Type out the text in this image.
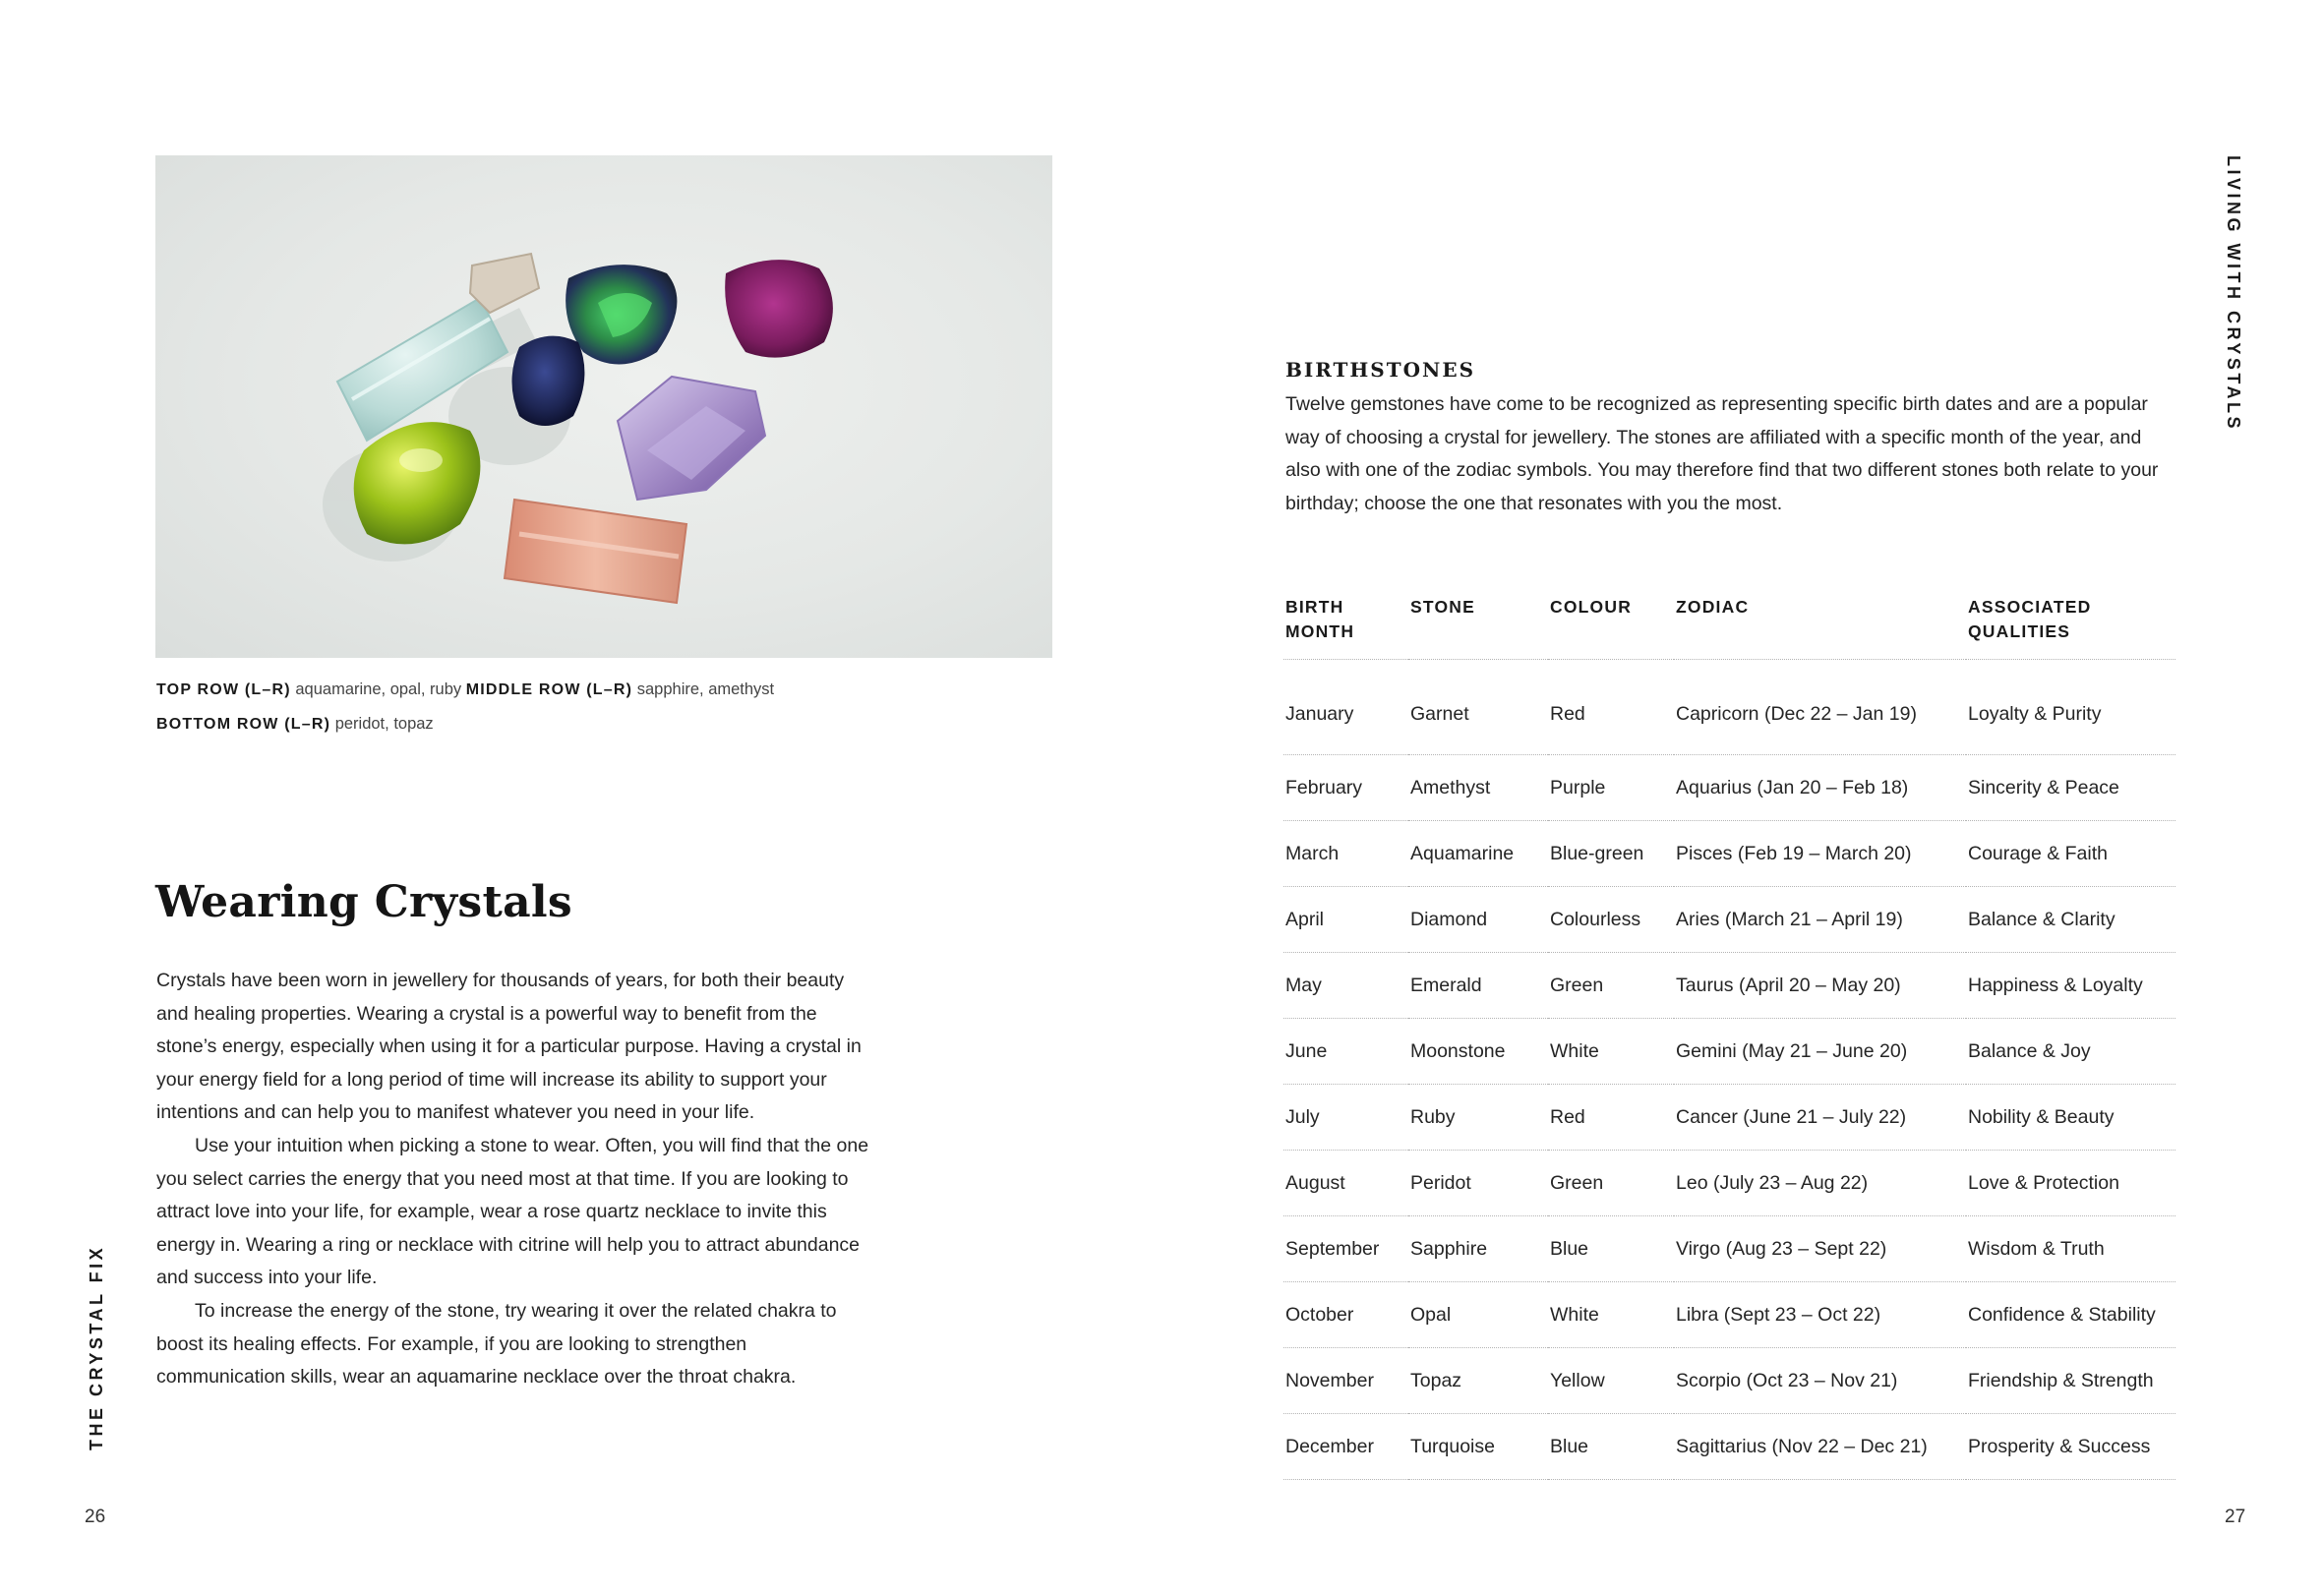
TOP ROW (L–R) aquamarine, opal, ruby MIDDLE ROW (L–R) sapphire, amethyst
BOTTOM ROW (L–R) peridot, topaz
Wearing Crystals

Crystals have been worn in jewellery for thousands of years, for both their beauty and healing properties. Wearing a crystal is a powerful way to benefit from the stone’s energy, especially when using it for a particular purpose. Having a crystal in your energy field for a long period of time will increase its ability to support your intentions and can help you to manifest whatever you need in your life.

Use your intuition when picking a stone to wear. Often, you will find that the one you select carries the energy that you need most at that time. If you are looking to attract love into your life, for example, wear a rose quartz necklace to invite this energy in. Wearing a ring or necklace with citrine will help you to attract abundance and success into your life.

To increase the energy of the stone, try wearing it over the related chakra to boost its healing effects. For example, if you are looking to strengthen communication skills, wear an aquamarine necklace over the throat chakra.

THE CRYSTAL FIX
26
LIVING WITH CRYSTALS
27
BIRTHSTONES
Twelve gemstones have come to be recognized as representing specific birth dates and are a popular way of choosing a crystal for jewellery. The stones are affiliated with a specific month of the year, and also with one of the zodiac symbols. You may therefore find that two different stones both relate to your birthday; choose the one that resonates with you the most.
BIRTH
MONTH	STONE	COLOUR	ZODIAC	ASSOCIATED
QUALITIES
January	Garnet	Red	Capricorn (Dec 22 – Jan 19)	Loyalty & Purity
February	Amethyst	Purple	Aquarius (Jan 20 – Feb 18)	Sincerity & Peace
March	Aquamarine	Blue-green	Pisces (Feb 19 – March 20)	Courage & Faith
April	Diamond	Colourless	Aries (March 21 – April 19)	Balance & Clarity
May	Emerald	Green	Taurus (April 20 – May 20)	Happiness & Loyalty
June	Moonstone	White	Gemini (May 21 – June 20)	Balance & Joy
July	Ruby	Red	Cancer (June 21 – July 22)	Nobility & Beauty
August	Peridot	Green	Leo (July 23 – Aug 22)	Love & Protection
September	Sapphire	Blue	Virgo (Aug 23 – Sept 22)	Wisdom & Truth
October	Opal	White	Libra (Sept 23 – Oct 22)	Confidence & Stability
November	Topaz	Yellow	Scorpio (Oct 23 – Nov 21)	Friendship & Strength
December	Turquoise	Blue	Sagittarius (Nov 22 – Dec 21)	Prosperity & Success
